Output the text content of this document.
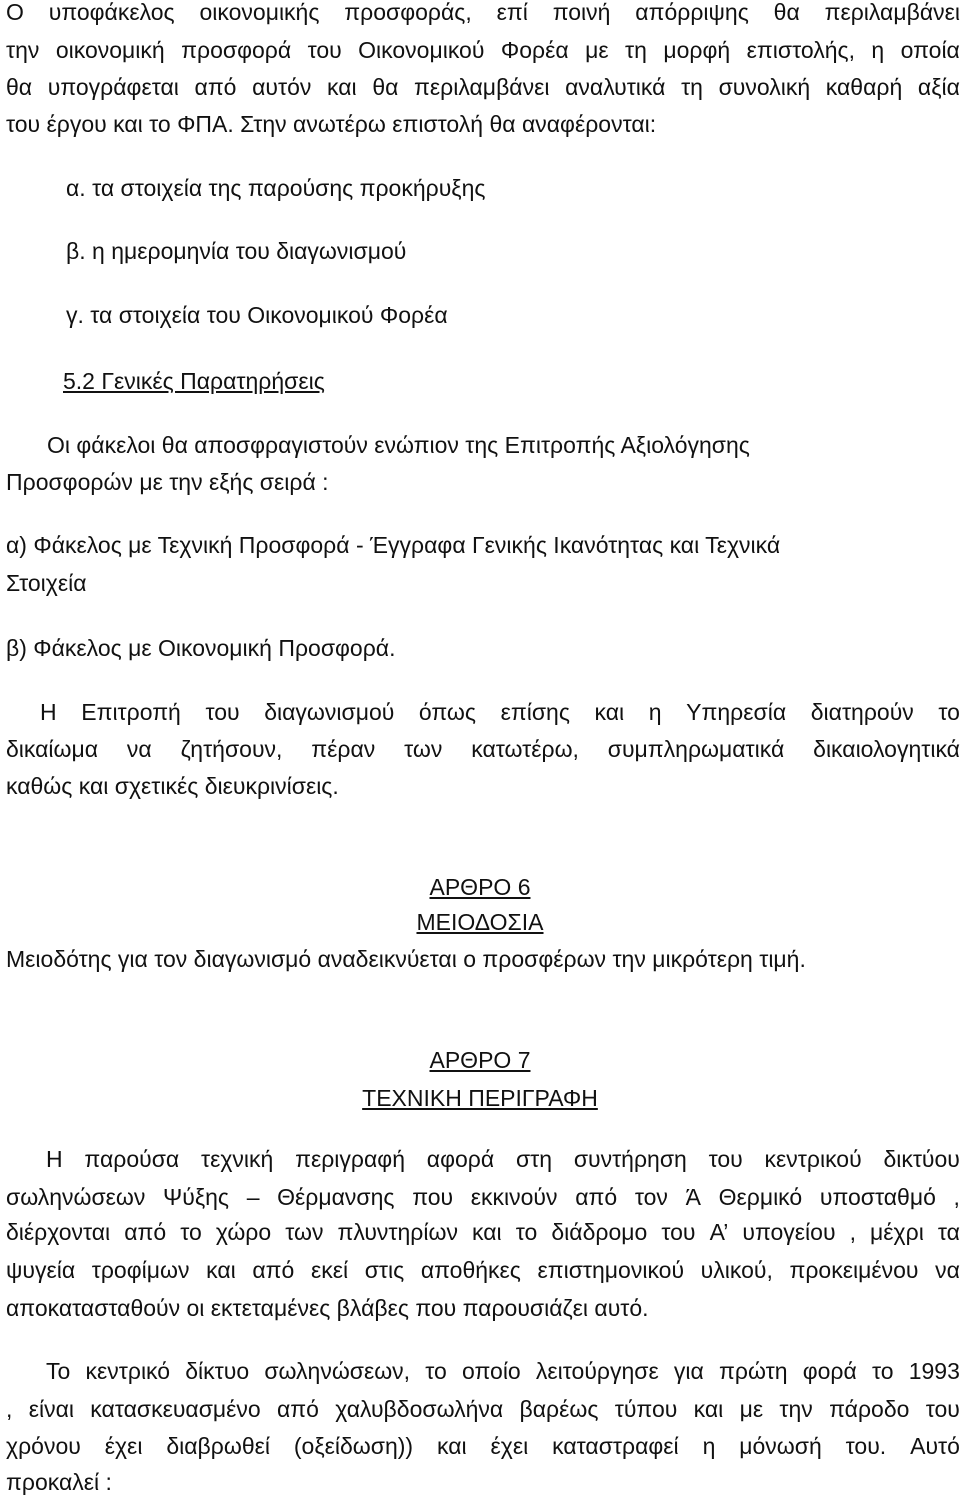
Ο υποφάκελος οικονομικής προσφοράς, επί ποινή απόρριψης θα περιλαμβάνει

την οικονομική προσφορά του Οικονομικού Φορέα με τη μορφή επιστολής, η οποία

θα υπογράφεται από αυτόν και θα περιλαμβάνει αναλυτικά τη συνολική καθαρή αξία

του έργου και το ΦΠΑ. Στην ανωτέρω επιστολή θα αναφέρονται:

α. τα στοιχεία της παρούσης προκήρυξης

β. η ημερομηνία του διαγωνισμού

γ. τα στοιχεία του Οικονομικού Φορέα

5.2 Γενικές Παρατηρήσεις

Οι φάκελοι θα αποσφραγιστούν ενώπιον της Επιτροπής Αξιολόγησης

Προσφορών με την εξής σειρά :

α) Φάκελος με Τεχνική Προσφορά - Έγγραφα Γενικής Ικανότητας και Τεχνικά

Στοιχεία

β) Φάκελος με Οικονομική Προσφορά.

Η Επιτροπή του διαγωνισμού όπως επίσης και η Υπηρεσία διατηρούν το

δικαίωμα να ζητήσουν, πέραν των κατωτέρω, συμπληρωματικά δικαιολογητικά

καθώς και σχετικές διευκρινίσεις.

ΑΡΘΡΟ 6

ΜΕΙΟΔΟΣΙΑ

Μειοδότης για τον διαγωνισμό αναδεικνύεται ο προσφέρων την μικρότερη τιμή.

ΑΡΘΡΟ 7

ΤΕΧΝΙΚΗ ΠΕΡΙΓΡΑΦΗ

Η παρούσα τεχνική περιγραφή αφορά στη συντήρηση του κεντρικού δικτύου

σωληνώσεων Ψύξης – Θέρμανσης που εκκινούν από τον Ά Θερμικό υποσταθμό ,

διέρχονται από το χώρο των πλυντηρίων και το διάδρομο του Α’ υπογείου , μέχρι τα

ψυγεία τροφίμων και από εκεί στις αποθήκες επιστημονικού υλικού, προκειμένου να

αποκατασταθούν οι εκτεταμένες βλάβες που παρουσιάζει αυτό.

Το κεντρικό δίκτυο σωληνώσεων, το οποίο λειτούργησε για πρώτη φορά το 1993

, είναι κατασκευασμένο από χαλυβδοσωλήνα βαρέως τύπου και με την πάροδο του

χρόνου έχει διαβρωθεί (οξείδωση)) και έχει καταστραφεί η μόνωσή του. Αυτό

προκαλεί :
